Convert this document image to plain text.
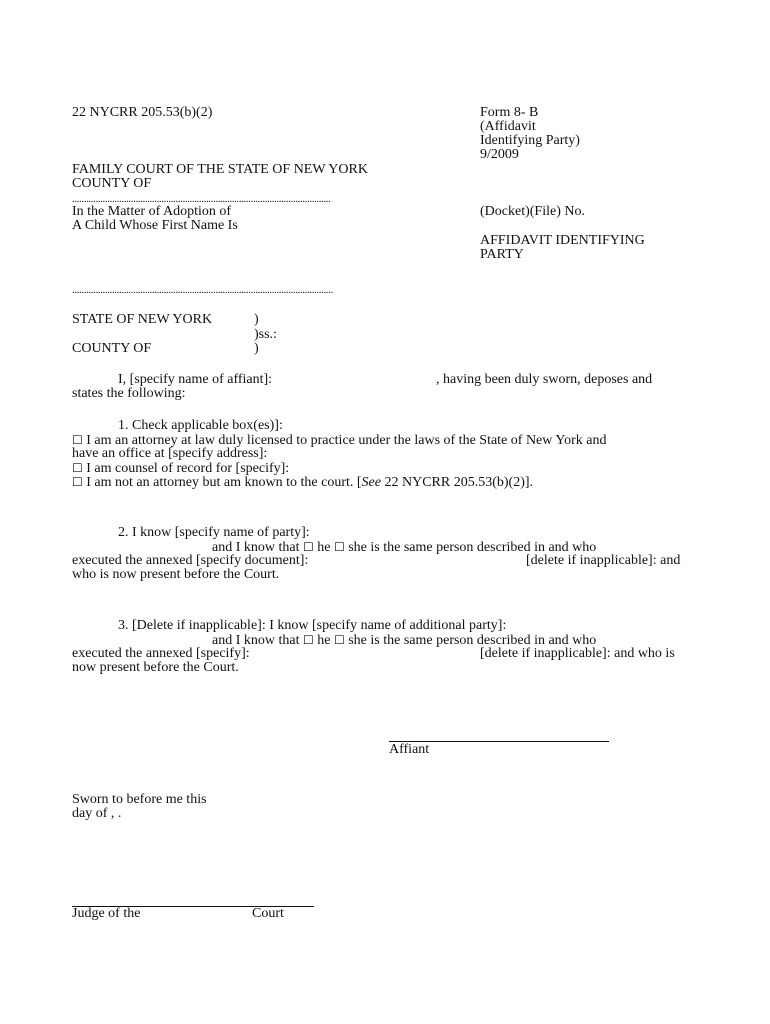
22 NYCRR 205.53(b)(2)	Form 8- B
(Affidavit
Identifying Party)
9/2009
FAMILY COURT OF THE STATE OF NEW YORK
COUNTY OF
..............................................................................................................
In the Matter of Adoption of
A Child Whose First Name Is
(Docket)(File) No.
AFFIDAVIT IDENTIFYING
PARTY
...............................................................................................................
STATE OF NEW YORK
COUNTY OF
)
)ss.:
)
I, [specify name of affiant]:	, having been duly sworn, deposes and
states the following:
1. Check applicable box(es)]:
☐ I am an attorney at law duly licensed to practice under the laws of the State of New York and
have an office at [specify address]:
☐ I am counsel of record for [specify]:
☐ I am not an attorney but am known to the court. [See 22 NYCRR 205.53(b)(2)].
2. I know [specify name of party]:
and I know that ☐ he ☐ she is the same person described in and who
executed the annexed [specify document]:	[delete if inapplicable]: and
who is now present before the Court.
3. [Delete if inapplicable]: I know [specify name of additional party]:
and I know that ☐ he ☐ she is the same person described in and who
executed the annexed [specify]:	[delete if inapplicable]: and who is
now present before the Court.
Affiant
Sworn to before me this
day of , .
Judge of the	Court
